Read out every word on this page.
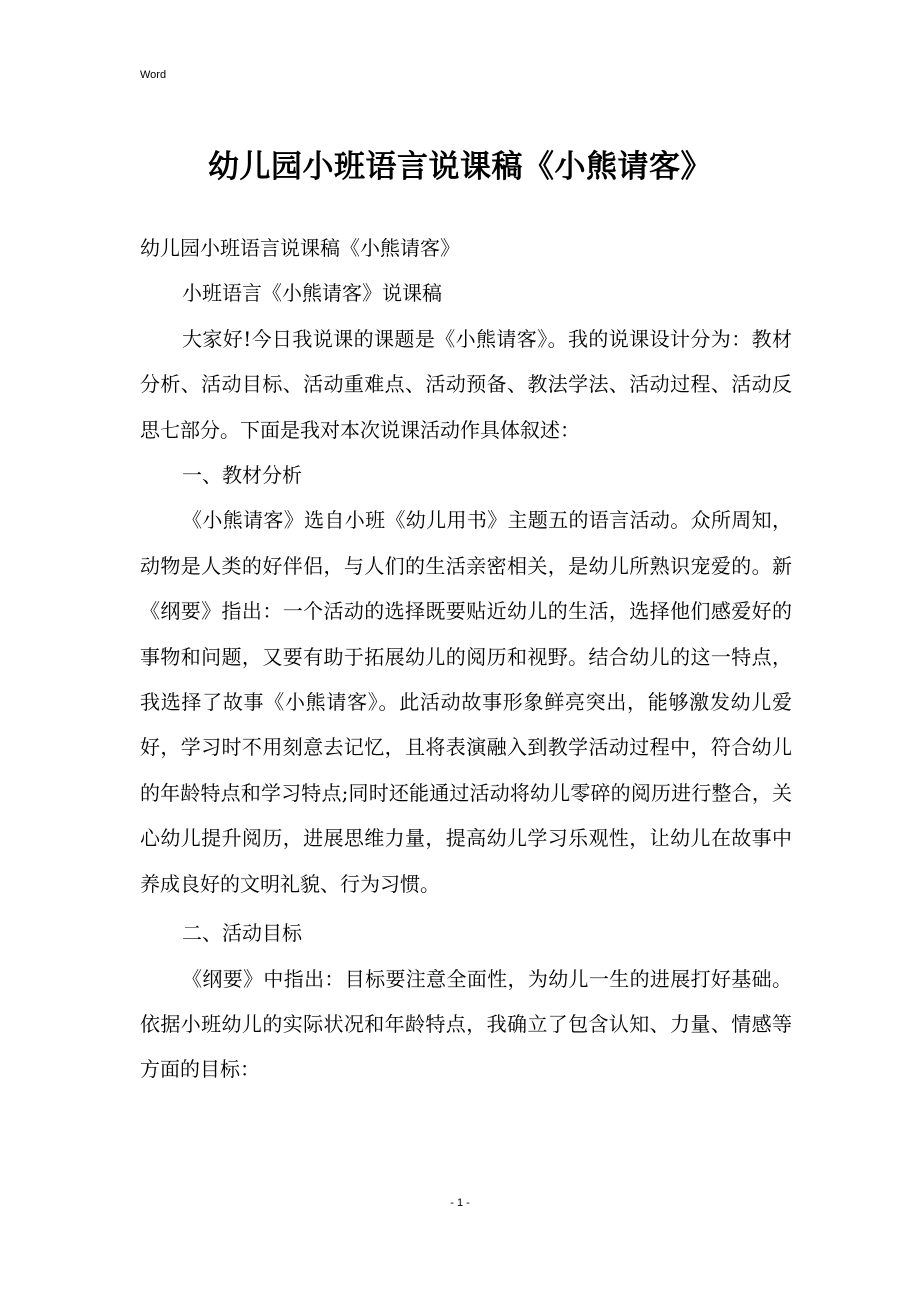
Word
幼儿园小班语言说课稿《小熊请客》

幼儿园小班语言说课稿《小熊请客》

小班语言《小熊请客》说课稿

大家好!今日我说课的课题是《小熊请客》。我的说课设计分为：教材分析、活动目标、活动重难点、活动预备、教法学法、活动过程、活动反思七部分。下面是我对本次说课活动作具体叙述：

一、教材分析

《小熊请客》选自小班《幼儿用书》主题五的语言活动。众所周知，动物是人类的好伴侣，与人们的生活亲密相关，是幼儿所熟识宠爱的。新《纲要》指出：一个活动的选择既要贴近幼儿的生活，选择他们感爱好的事物和问题，又要有助于拓展幼儿的阅历和视野。结合幼儿的这一特点，我选择了故事《小熊请客》。此活动故事形象鲜亮突出，能够激发幼儿爱好，学习时不用刻意去记忆，且将表演融入到教学活动过程中，符合幼儿的年龄特点和学习特点;同时还能通过活动将幼儿零碎的阅历进行整合，关心幼儿提升阅历，进展思维力量，提高幼儿学习乐观性，让幼儿在故事中养成良好的文明礼貌、行为习惯。

二、活动目标

《纲要》中指出：目标要注意全面性，为幼儿一生的进展打好基础。依据小班幼儿的实际状况和年龄特点，我确立了包含认知、力量、情感等方面的目标：

- 1 -
